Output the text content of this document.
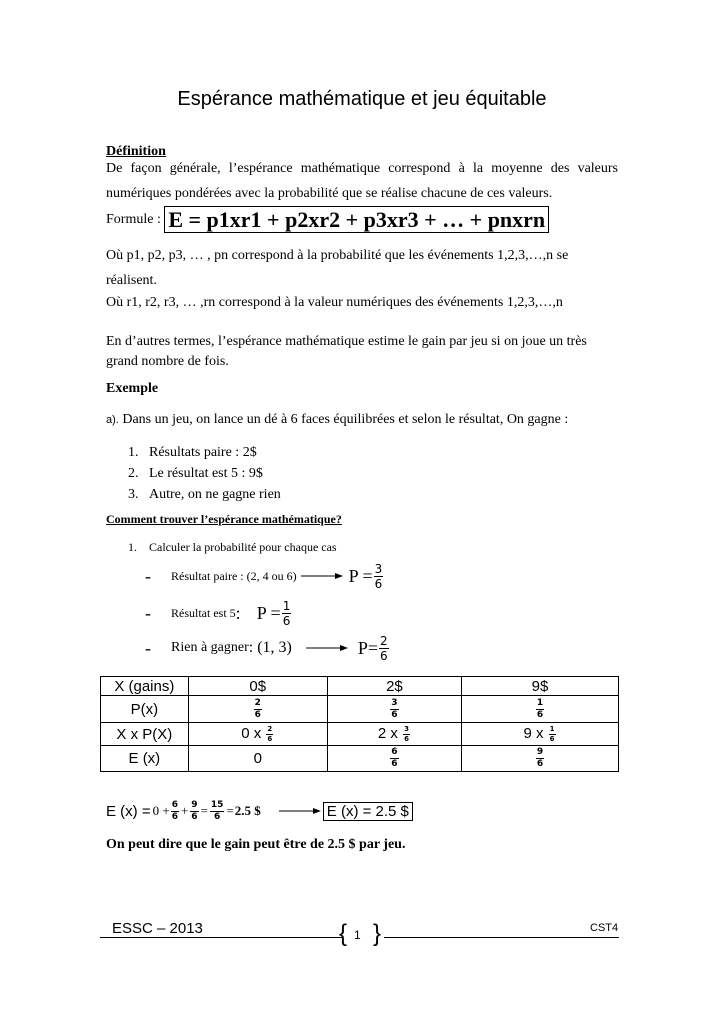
Espérance mathématique et jeu équitable
Définition
De façon générale, l’espérance mathématique correspond à la moyenne des valeurs numériques pondérées avec la probabilité que se réalise chacune de ces valeurs.
Formule : E = p1xr1 + p2xr2 + p3xr3 + … + pnxrn
Où p1, p2, p3, … , pn correspond à la probabilité que les événements 1,2,3,…,n se
réalisent.
Où r1, r2, r3, … ,rn correspond à la valeur numériques des événements 1,2,3,…,n
En d’autres termes, l’espérance mathématique estime le gain par jeu si on joue un très grand nombre de fois.
Exemple
a). Dans un jeu, on lance un dé à 6 faces équilibrées et selon le résultat, On gagne :
1. Résultats paire : 2$
2. Le résultat est 5 : 9$
3. Autre, on ne gagne rien
Comment trouver l’espérance mathématique?
1. Calculer la probabilité pour chaque cas
-	Résultat paire : (2, 4 ou 6)	$P = \frac{3}{6}$
-	Résultat est 5 : $P = \frac{1}{6}$
-	Rien à gagner : (1, 3)	$P= \frac{2}{6}$
X (gains)	0$	2$	9$
P(x)	$\frac{2}{6}$	$\frac{3}{6}$	$\frac{1}{6}$

X x P(X)	0 x $\frac{2}{6}$	2 x $\frac{3}{6}$	9 x $\frac{1}{6}$

E (x)	0	$\frac{6}{6}$	$\frac{9}{6}$
E $(x) = 0 + \frac{6}{6} + \frac{9}{6} = \frac{15}{6} = 2.5$ $	E (x) = 2.5 $
On peut dire que le gain peut être de 2.5 $ par jeu.
ESSC – 2013	{ }
1	CST4
